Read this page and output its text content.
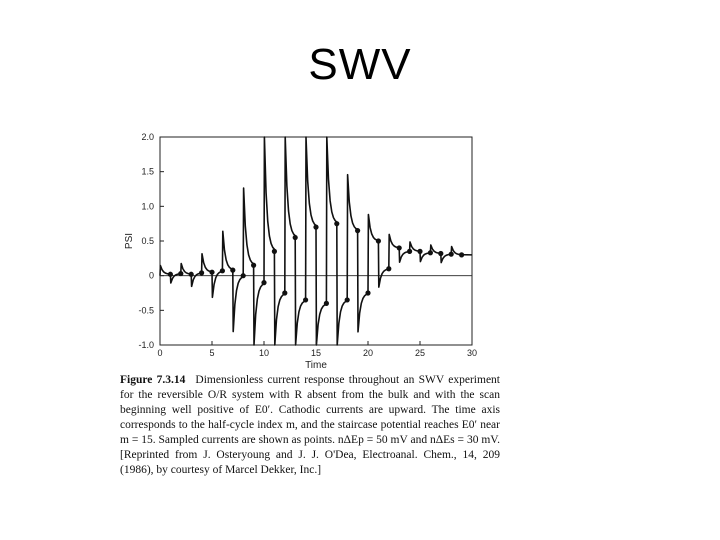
SWV
0	5	10	15	20	25	30
2.0
1.5
1.0
0.5
0
-0.5
-1.0
Time
PSI
Figure 7.3.14 Dimensionless current response throughout an SWV experiment for the reversible O/R system with R absent from the bulk and with the scan beginning well positive of E0′. Cathodic currents are upward. The time axis corresponds to the half-cycle index m, and the staircase potential reaches E0′ near m = 15. Sampled currents are shown as points. nΔEp = 50 mV and nΔEs = 30 mV. [Reprinted from J. Osteryoung and J. J. O'Dea, Electroanal. Chem., 14, 209 (1986), by courtesy of Marcel Dekker, Inc.]
